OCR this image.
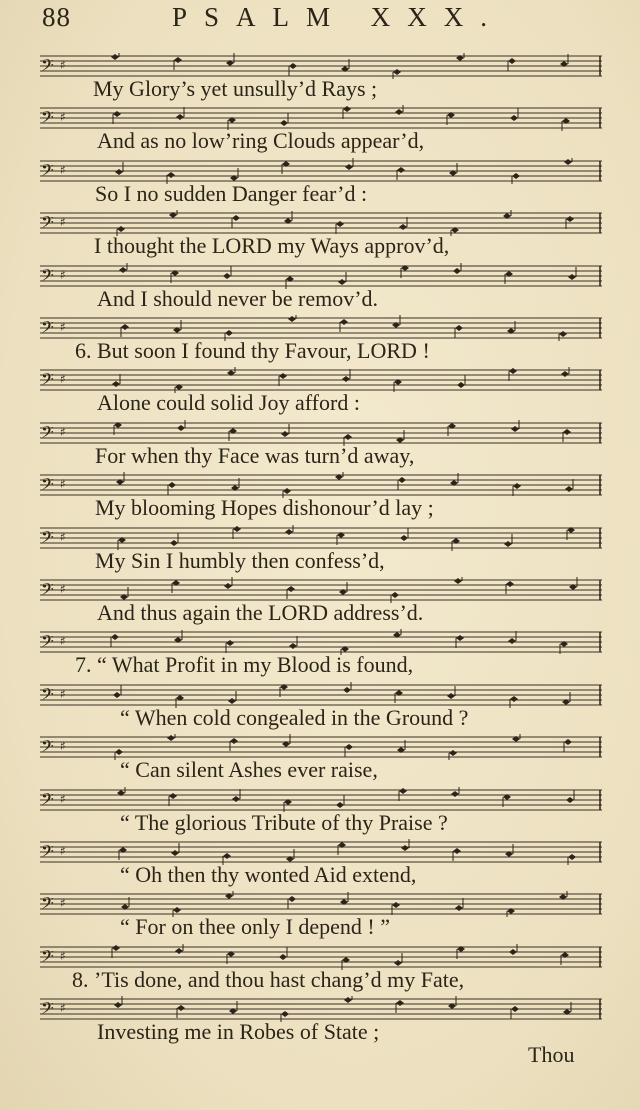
88	PSALM XXX.
𝄢 ♯
My Glory’s yet unsully’d Rays ;
𝄢 ♯
And as no low’ring Clouds appear’d,
𝄢 ♯
So I no sudden Danger fear’d :
𝄢 ♯
I thought the LORD my Ways approv’d,
𝄢 ♯
And I should never be remov’d.
𝄢 ♯
6. But soon I found thy Favour, LORD !
𝄢 ♯
Alone could solid Joy afford :
𝄢 ♯
For when thy Face was turn’d away,
𝄢 ♯
My blooming Hopes dishonour’d lay ;
𝄢 ♯
My Sin I humbly then confess’d,
𝄢 ♯
And thus again the LORD address’d.
𝄢 ♯
7. “ What Profit in my Blood is found,
𝄢 ♯
“ When cold congealed in the Ground ?
𝄢 ♯
“ Can silent Ashes ever raise,
𝄢 ♯
“ The glorious Tribute of thy Praise ?
𝄢 ♯
“ Oh then thy wonted Aid extend,
𝄢 ♯
“ For on thee only I depend ! ”
𝄢 ♯
8. ’Tis done, and thou hast chang’d my Fate,
𝄢 ♯
Investing me in Robes of State ;
Thou
